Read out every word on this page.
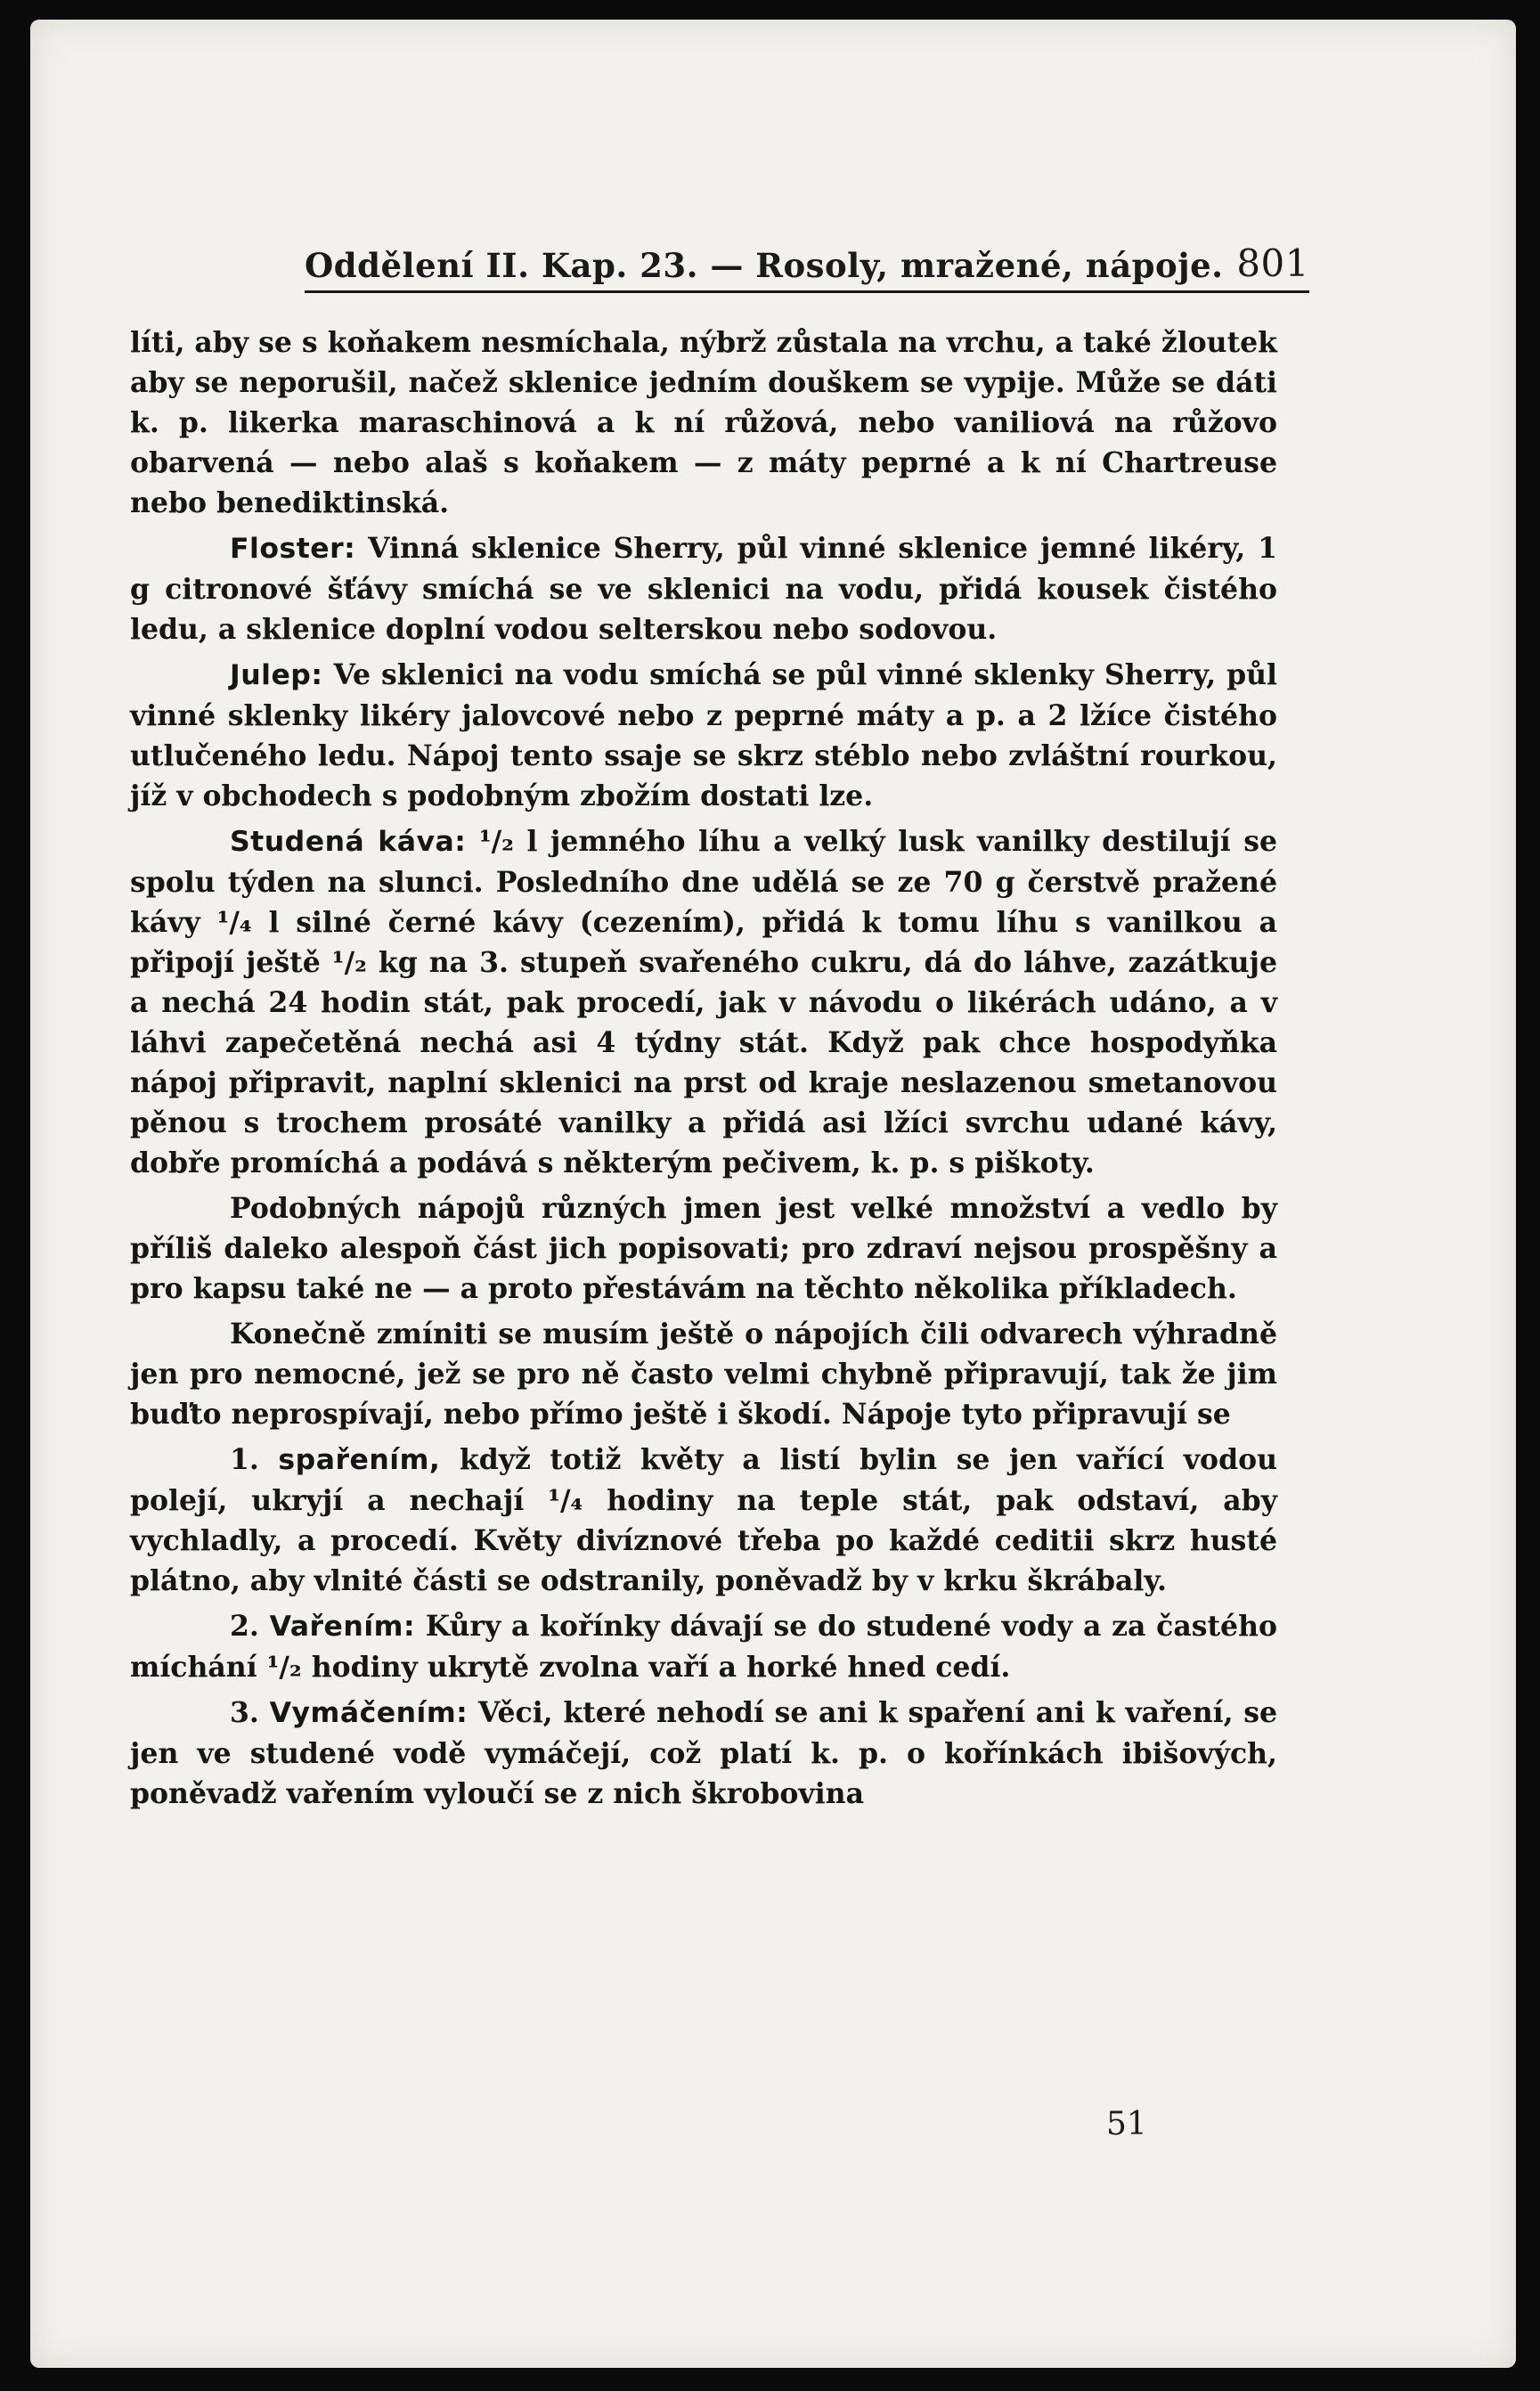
Oddělení II. Kap. 23. — Rosoly, mražené, nápoje. 801

líti, aby se s koňakem nesmíchala, nýbrž zůstala na vrchu, a také žloutek aby se neporušil, načež sklenice jedním douškem se vypije. Může se dáti k. p. likerka maraschinová a k ní růžová, nebo vaniliová na růžovo obarvená — nebo alaš s koňakem — z máty peprné a k ní Chartreuse nebo benediktinská.

Floster: Vinná sklenice Sherry, půl vinné sklenice jemné likéry, 1 g citronové šťávy smíchá se ve sklenici na vodu, přidá kousek čistého ledu, a sklenice doplní vodou selterskou nebo sodovou.

Julep: Ve sklenici na vodu smíchá se půl vinné sklenky Sherry, půl vinné sklenky likéry jalovcové nebo z peprné máty a p. a 2 lžíce čistého utlučeného ledu. Nápoj tento ssaje se skrz stéblo nebo zvláštní rourkou, jíž v obchodech s podobným zbožím dostati lze.

Studená káva: ¹/₂ l jemného líhu a velký lusk vanilky destilují se spolu týden na slunci. Posledního dne udělá se ze 70 g čerstvě pražené kávy ¹/₄ l silné černé kávy (cezením), přidá k tomu líhu s vanilkou a připojí ještě ¹/₂ kg na 3. stupeň svařeného cukru, dá do láhve, zazátkuje a nechá 24 hodin stát, pak procedí, jak v návodu o likérách udáno, a v láhvi zapečetěná nechá asi 4 týdny stát. Když pak chce hospodyňka nápoj připravit, naplní sklenici na prst od kraje neslazenou smetanovou pěnou s trochem prosáté vanilky a přidá asi lžíci svrchu udané kávy, dobře promíchá a podává s některým pečivem, k. p. s piškoty.

Podobných nápojů různých jmen jest velké množství a vedlo by příliš daleko alespoň část jich popisovati; pro zdraví nejsou prospěšny a pro kapsu také ne — a proto přestávám na těchto několika příkladech.

Konečně zmíniti se musím ještě o nápojích čili odvarech výhradně jen pro nemocné, jež se pro ně často velmi chybně připravují, tak že jim buďto neprospívají, nebo přímo ještě i škodí. Nápoje tyto připravují se

1. spařením, když totiž květy a listí bylin se jen vařící vodou polejí, ukryjí a nechají ¹/₄ hodiny na teple stát, pak odstaví, aby vychladly, a procedí. Květy divíznové třeba po každé ceditii skrz husté plátno, aby vlnité části se odstranily, poněvadž by v krku škrábaly.

2. Vařením: Kůry a kořínky dávají se do studené vody a za častého míchání ¹/₂ hodiny ukrytě zvolna vaří a horké hned cedí.

3. Vymáčením: Věci, které nehodí se ani k spaření ani k vaření, se jen ve studené vodě vymáčejí, což platí k. p. o kořínkách ibišových, poněvadž vařením vyloučí se z nich škrobovina

51
